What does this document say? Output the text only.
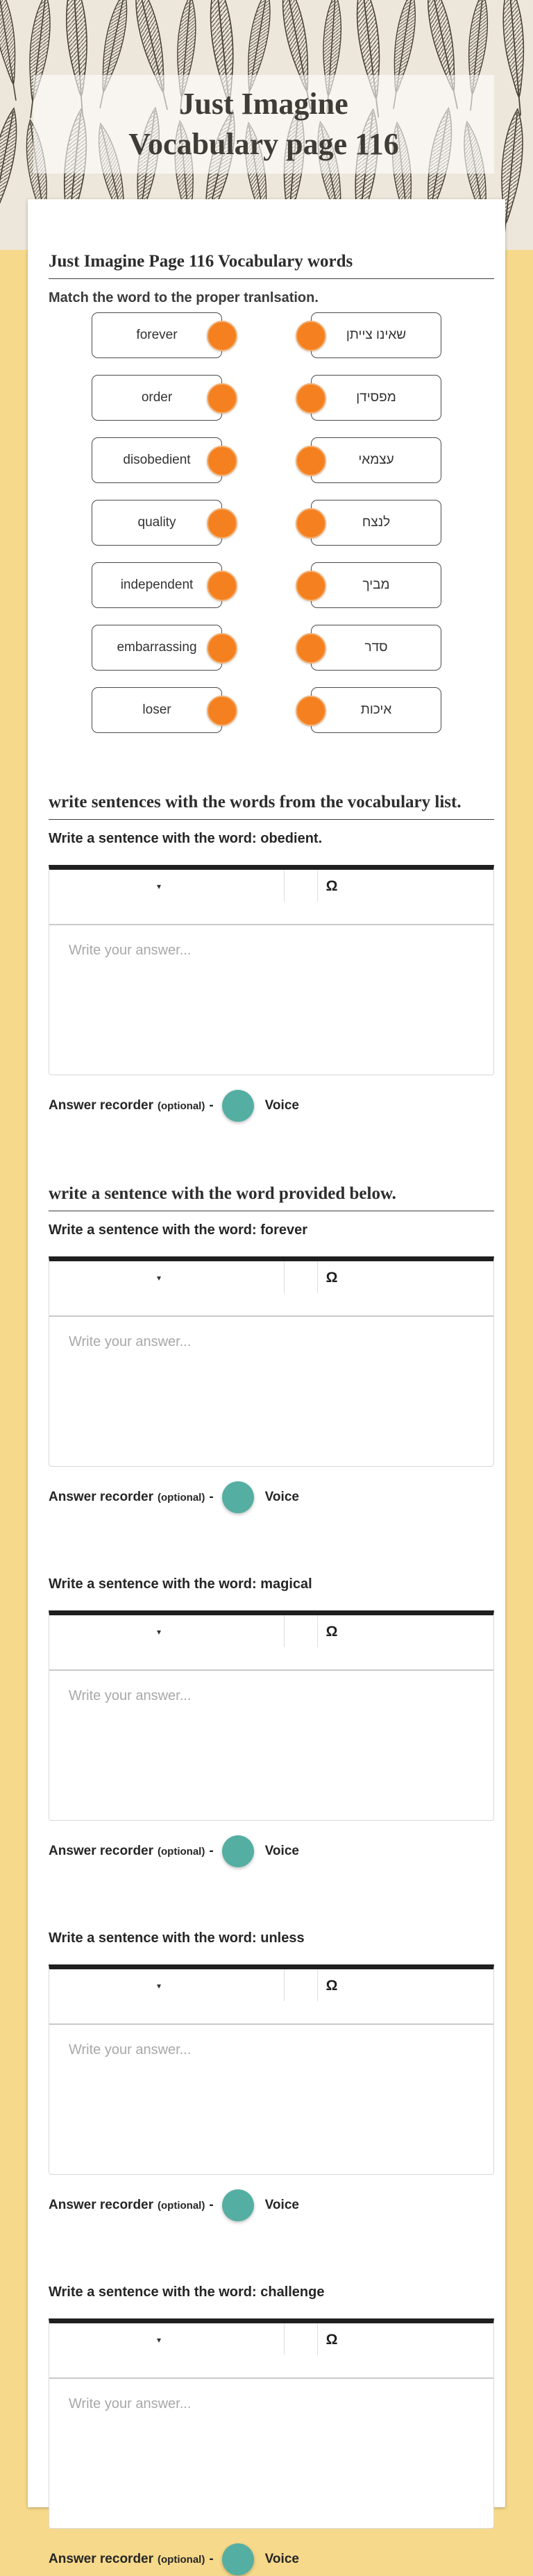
Just Imagine
Vocabulary page 116
Just Imagine Page 116 Vocabulary words

Match the word to the proper tranlsation.

forever	שאינו צייתן
order	מפסידן
disobedient	עצמאי
quality	לנצח
independent	מביך
embarrassing	סדר
loser	איכות
write sentences with the words from the vocabulary list.

Write a sentence with the word: obedient.

▾	Ω
Write your answer...
Answer recorder (optional) -	Voice
write a sentence with the word provided below.

Write a sentence with the word: forever

▾	Ω
Write your answer...
Answer recorder (optional) -	Voice

Write a sentence with the word: magical

▾	Ω
Write your answer...
Answer recorder (optional) -	Voice

Write a sentence with the word: unless

▾	Ω
Write your answer...
Answer recorder (optional) -	Voice

Write a sentence with the word: challenge

▾	Ω
Write your answer...
Answer recorder (optional) -	Voice
